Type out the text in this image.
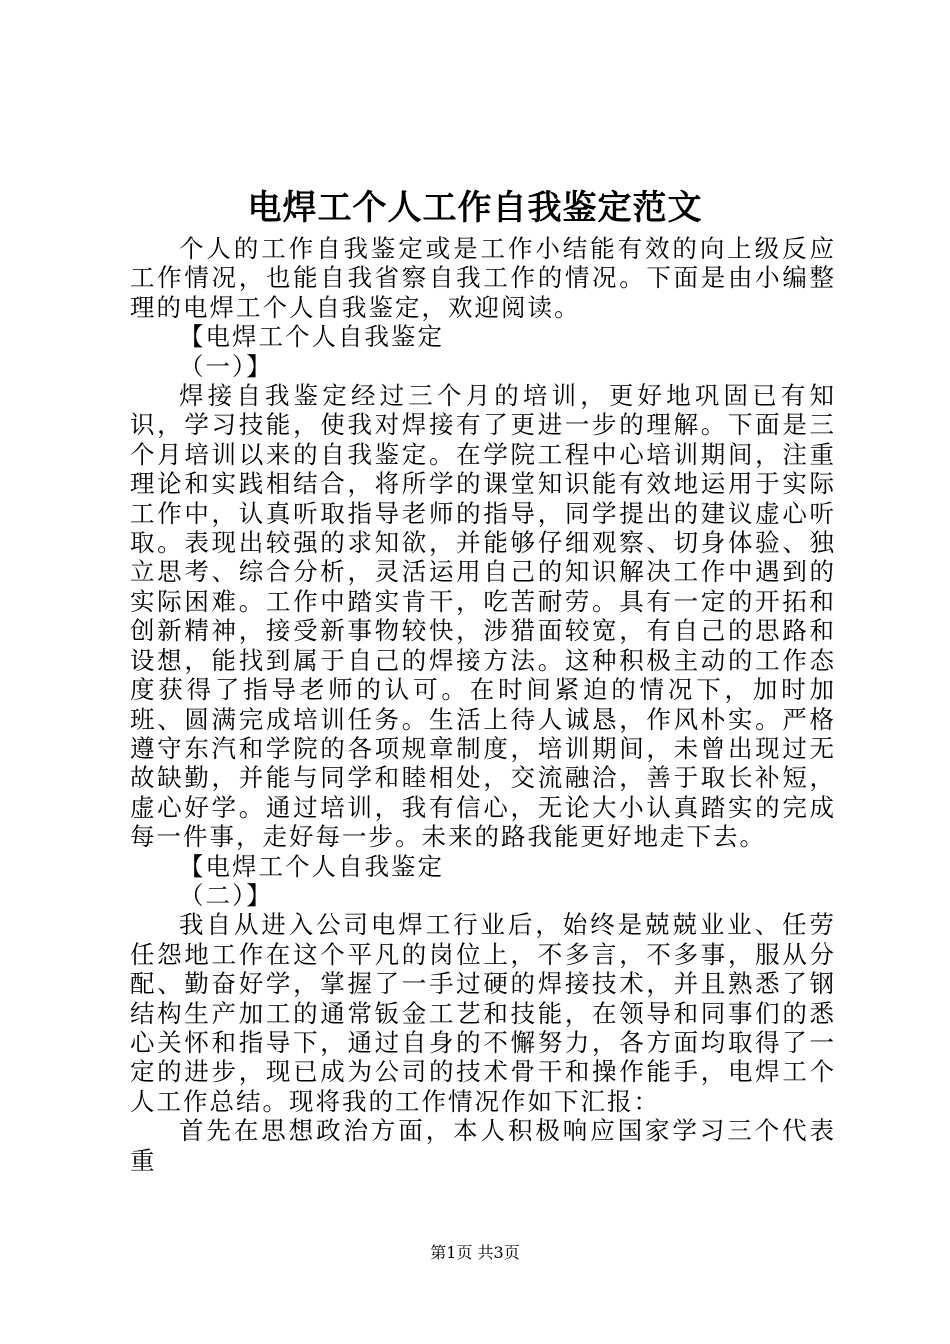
电焊工个人工作自我鉴定范文

个人的工作自我鉴定或是工作小结能有效的向上级反应工作情况，也能自我省察自我工作的情况。下面是由小编整理的电焊工个人自我鉴定，欢迎阅读。

【电焊工个人自我鉴定

（一）】

焊接自我鉴定经过三个月的培训，更好地巩固已有知识，学习技能，使我对焊接有了更进一步的理解。下面是三个月培训以来的自我鉴定。在学院工程中心培训期间，注重理论和实践相结合，将所学的课堂知识能有效地运用于实际工作中，认真听取指导老师的指导，同学提出的建议虚心听取。表现出较强的求知欲，并能够仔细观察、切身体验、独立思考、综合分析，灵活运用自己的知识解决工作中遇到的实际困难。工作中踏实肯干，吃苦耐劳。具有一定的开拓和创新精神，接受新事物较快，涉猎面较宽，有自己的思路和设想，能找到属于自己的焊接方法。这种积极主动的工作态度获得了指导老师的认可。在时间紧迫的情况下，加时加班、圆满完成培训任务。生活上待人诚恳，作风朴实。严格遵守东汽和学院的各项规章制度，培训期间，未曾出现过无故缺勤，并能与同学和睦相处，交流融洽，善于取长补短，虚心好学。通过培训，我有信心，无论大小认真踏实的完成每一件事，走好每一步。未来的路我能更好地走下去。

【电焊工个人自我鉴定

（二）】

我自从进入公司电焊工行业后，始终是兢兢业业、任劳任怨地工作在这个平凡的岗位上，不多言，不多事，服从分配、勤奋好学，掌握了一手过硬的焊接技术，并且熟悉了钢结构生产加工的通常钣金工艺和技能，在领导和同事们的悉心关怀和指导下，通过自身的不懈努力，各方面均取得了一定的进步，现已成为公司的技术骨干和操作能手，电焊工个人工作总结。现将我的工作情况作如下汇报：

首先在思想政治方面，本人积极响应国家学习三个代表重

第1页 共3页
